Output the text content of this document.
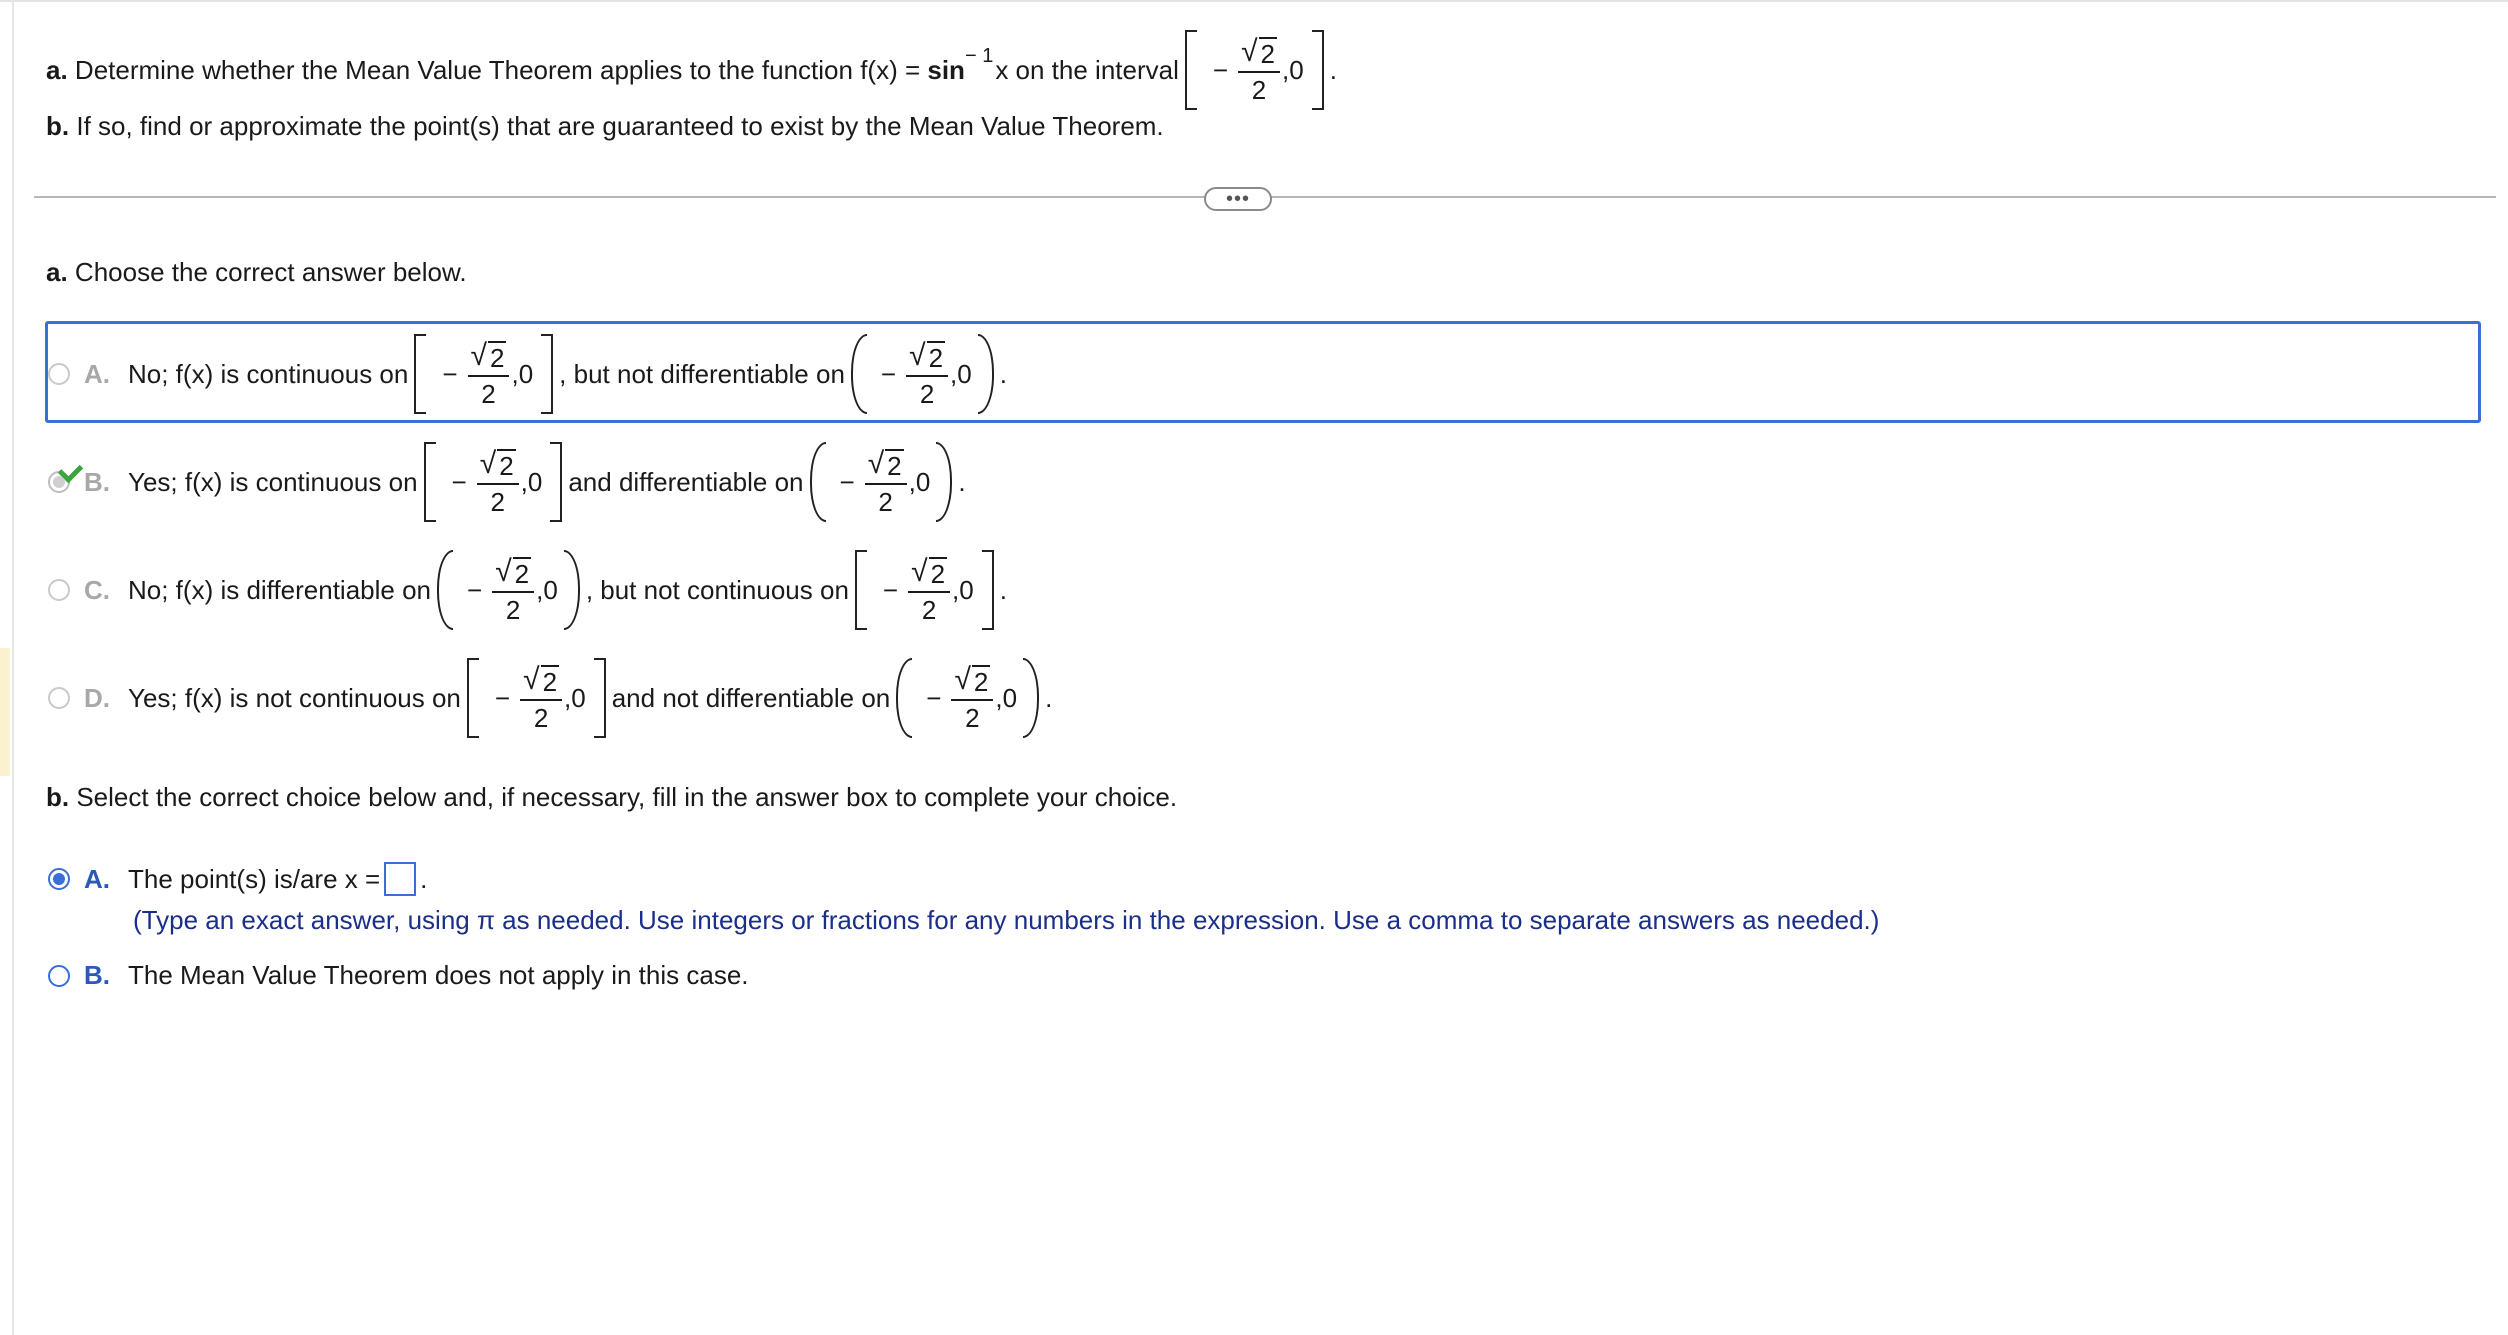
a.
Determine whether the Mean Value Theorem applies to the function f(x) =
sin − 1 x on the interval − $\frac{√ 2}{2} ,0$ .
b.
If so, find or approximate the point(s) that are guaranteed to exist by the Mean Value Theorem.
•••
a.
Choose the correct answer below.
A. No; f(x) is continuous on − $\frac{√ 2}{2} ,0$ , but not differentiable on − $\frac{√ 2}{2} ,0$ .
B. Yes; f(x) is continuous on − $\frac{√ 2}{2} ,0$ and differentiable on − $\frac{√ 2}{2} ,0$ .
C. No; f(x) is differentiable on − $\frac{√ 2}{2} ,0$ , but not continuous on − $\frac{√ 2}{2} ,0$ .
D. Yes; f(x) is not continuous on − $\frac{√ 2}{2} ,0$ and not differentiable on − $\frac{√ 2}{2} ,0$ .
b.
Select the correct choice below and, if necessary, fill in the answer box to complete your choice.
A. The point(s) is/are x = .
(Type an exact answer, using π as needed. Use integers or fractions for any numbers in the expression. Use a comma to separate answers as needed.)
B. The Mean Value Theorem does not apply in this case.
